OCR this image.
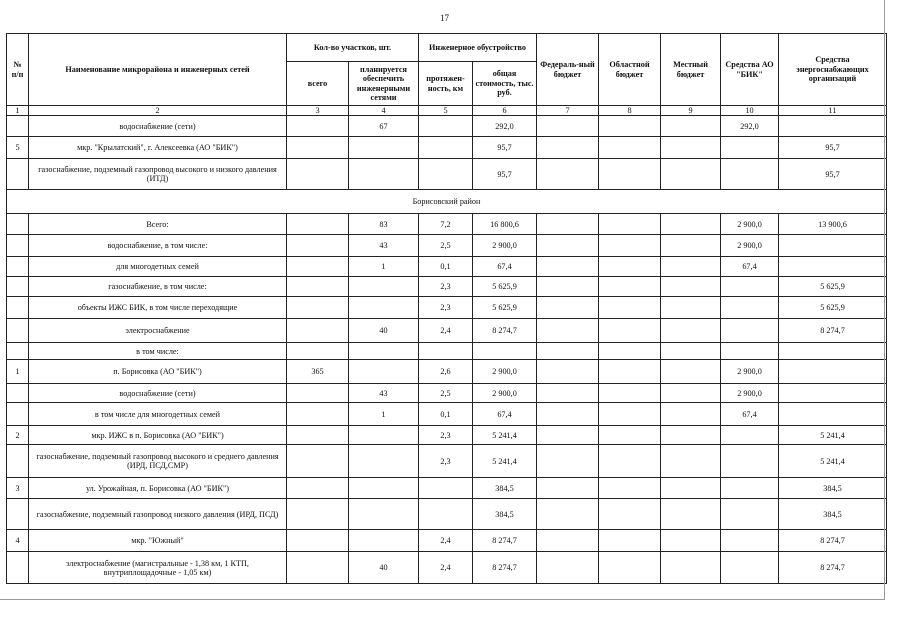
17
№ п/п	Наименование микрорайона и инженерных сетей	Кол-во участков, шт.		Инженерное обустройство		Федераль-ный бюджет	Областной бюджет	Местный бюджет	Средства АО "БИК"	Средства энергоснабжающих организаций
		всего	планируется обеспечить инженерными сетями	протяжен-ность, км	общая стоимость, тыс. руб.					
1	2	3	4	5	6	7	8	9	10	11
	водоснабжение (сети)		67		292,0				292,0	
5	мкр. "Крылатский", г. Алексеевка (АО "БИК")				95,7					95,7
	газоснабжение, подземный газопровод высокого и низкого давления (ИТД)				95,7					95,7
Борисовский район										
	Всего:		83	7,2	16 800,6				2 900,0	13 900,6
	водоснабжение, в том числе:		43	2,5	2 900,0				2 900,0	
	для многодетных семей		1	0,1	67,4				67,4	
	газоснабжение, в том числе:			2,3	5 625,9					5 625,9
	объекты ИЖС БИК, в том числе переходящие			2,3	5 625,9					5 625,9
	электроснабжение		40	2,4	8 274,7					8 274,7
	в том числе:									
1	п. Борисовка (АО "БИК")	365		2,6	2 900,0				2 900,0	
	водоснабжение (сети)		43	2,5	2 900,0				2 900,0	
	в том числе для многодетных семей		1	0,1	67,4				67,4	
2	мкр. ИЖС в п. Борисовка (АО "БИК")			2,3	5 241,4					5 241,4
	газоснабжение, подземный газопровод высокого и среднего давления (ИРД, ПСД,СМР)			2,3	5 241,4					5 241,4
3	ул. Урожайная, п. Борисовка (АО "БИК")				384,5					384,5
	газоснабжение, подземный газопровод низкого давления (ИРД, ПСД)				384,5					384,5
4	мкр. "Южный"			2,4	8 274,7					8 274,7
	электроснабжение (магистральные - 1,38 км, 1 КТП, внутриплощадочные - 1,05 км)		40	2,4	8 274,7					8 274,7
